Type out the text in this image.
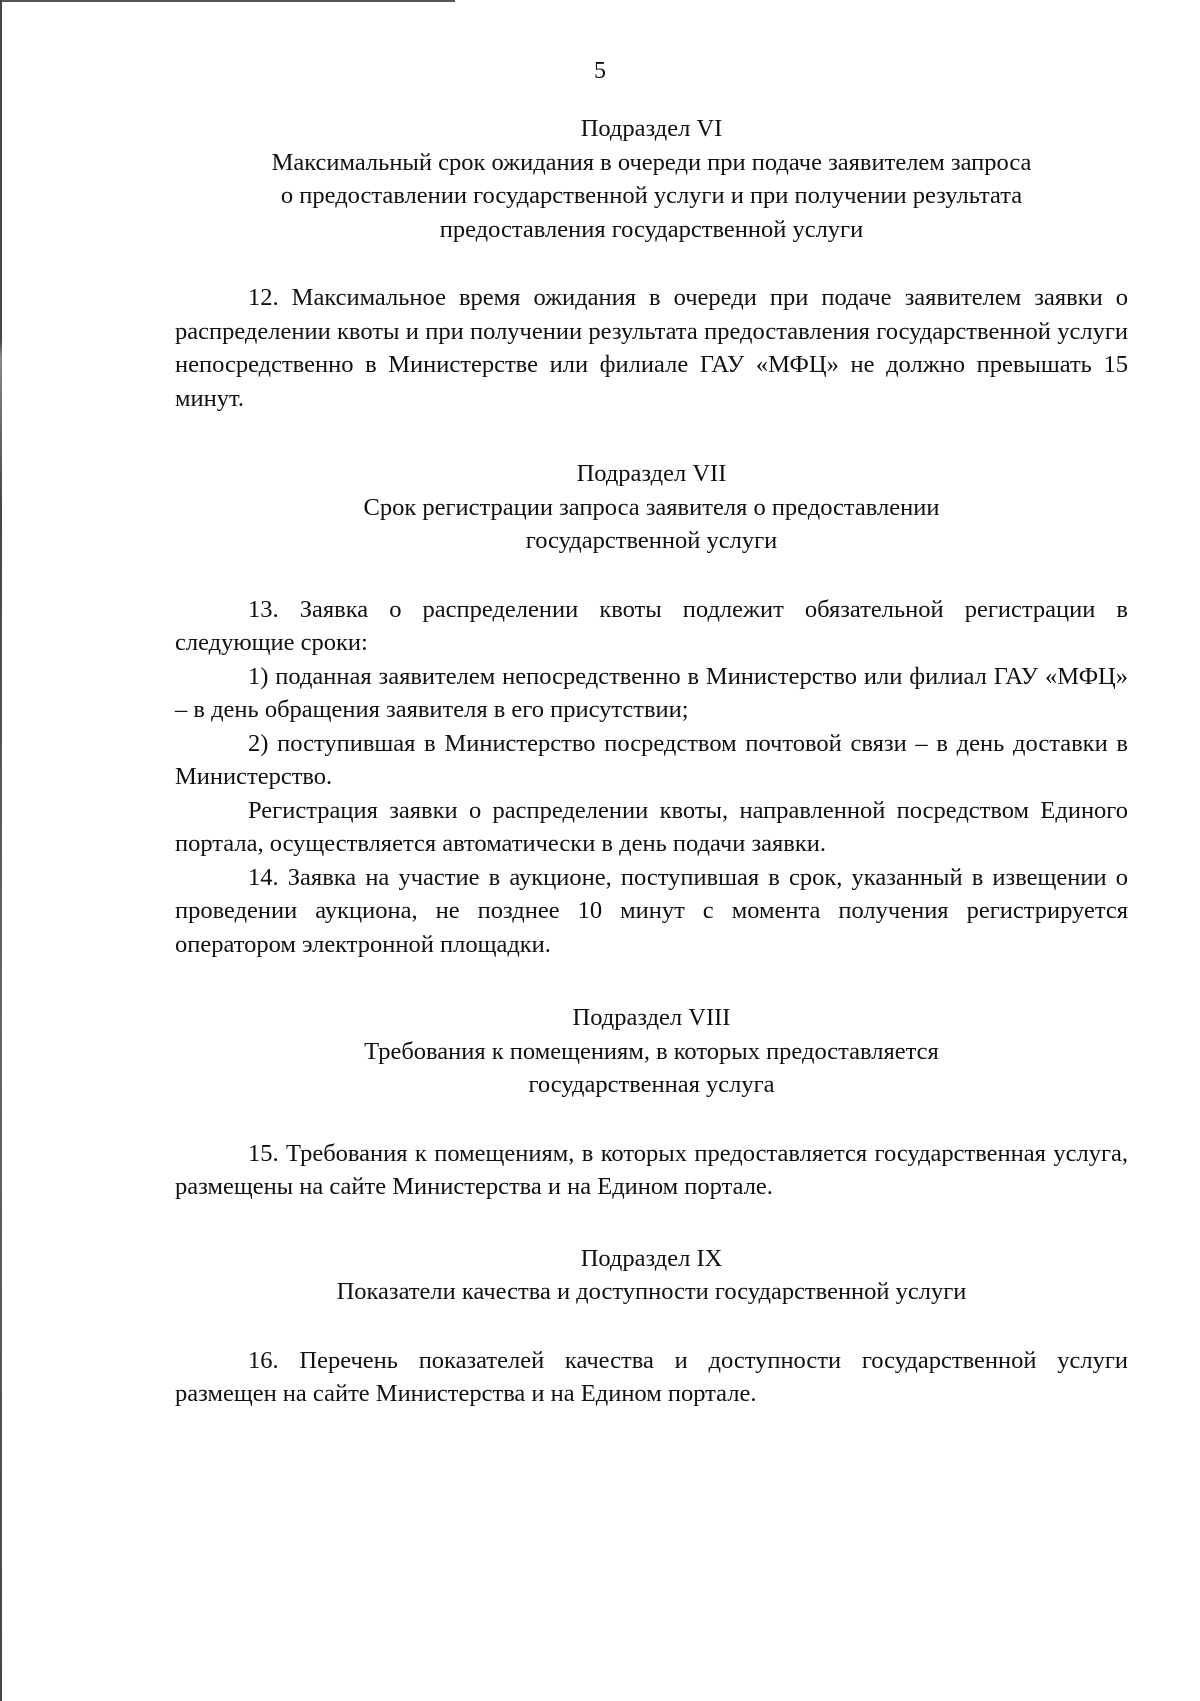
5
Подраздел VI
Максимальный срок ожидания в очереди при подаче заявителем запроса
о предоставлении государственной услуги и при получении результата
предоставления государственной услуги

12. Максимальное время ожидания в очереди при подаче заявителем заявки о распределении квоты и при получении результата предоставления государственной услуги непосредственно в Министерстве или филиале ГАУ «МФЦ» не должно превышать 15 минут.

Подраздел VII
Срок регистрации запроса заявителя о предоставлении
государственной услуги

13. Заявка о распределении квоты подлежит обязательной регистрации в следующие сроки:

1) поданная заявителем непосредственно в Министерство или филиал ГАУ «МФЦ» – в день обращения заявителя в его присутствии;

2) поступившая в Министерство посредством почтовой связи – в день доставки в Министерство.

Регистрация заявки о распределении квоты, направленной посредством Единого портала, осуществляется автоматически в день подачи заявки.

14. Заявка на участие в аукционе, поступившая в срок, указанный в извещении о проведении аукциона, не позднее 10 минут с момента получения регистрируется оператором электронной площадки.

Подраздел VIII
Требования к помещениям, в которых предоставляется
государственная услуга

15. Требования к помещениям, в которых предоставляется государственная услуга, размещены на сайте Министерства и на Едином портале.

Подраздел IX
Показатели качества и доступности государственной услуги

16. Перечень показателей качества и доступности государственной услуги размещен на сайте Министерства и на Едином портале.
